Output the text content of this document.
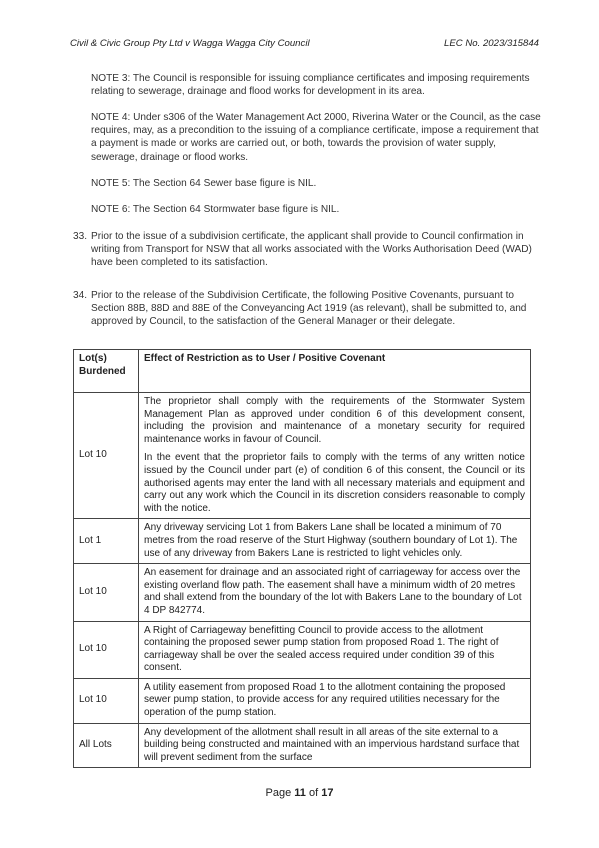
Civil & Civic Group Pty Ltd v Wagga Wagga City Council	LEC No. 2023/315844
NOTE 3: The Council is responsible for issuing compliance certificates and imposing requirements relating to sewerage, drainage and flood works for development in its area.
NOTE 4: Under s306 of the Water Management Act 2000, Riverina Water or the Council, as the case requires, may, as a precondition to the issuing of a compliance certificate, impose a requirement that a payment is made or works are carried out, or both, towards the provision of water supply, sewerage, drainage or flood works.
NOTE 5: The Section 64 Sewer base figure is NIL.
NOTE 6: The Section 64 Stormwater base figure is NIL.
33. Prior to the issue of a subdivision certificate, the applicant shall provide to Council confirmation in writing from Transport for NSW that all works associated with the Works Authorisation Deed (WAD) have been completed to its satisfaction.
34. Prior to the release of the Subdivision Certificate, the following Positive Covenants, pursuant to Section 88B, 88D and 88E of the Conveyancing Act 1919 (as relevant), shall be submitted to, and approved by Council, to the satisfaction of the General Manager or their delegate.
Lot(s) Burdened	Effect of Restriction as to User / Positive Covenant
Lot 10	The proprietor shall comply with the requirements of the Stormwater System Management Plan as approved under condition 6 of this development consent, including the provision and maintenance of a monetary security for required maintenance works in favour of Council.
In the event that the proprietor fails to comply with the terms of any written notice issued by the Council under part (e) of condition 6 of this consent, the Council or its authorised agents may enter the land with all necessary materials and equipment and carry out any work which the Council in its discretion considers reasonable to comply with the notice.

Lot 1	Any driveway servicing Lot 1 from Bakers Lane shall be located a minimum of 70 metres from the road reserve of the Sturt Highway (southern boundary of Lot 1). The use of any driveway from Bakers Lane is restricted to light vehicles only.
Lot 10	An easement for drainage and an associated right of carriageway for access over the existing overland flow path. The easement shall have a minimum width of 20 metres and shall extend from the boundary of the lot with Bakers Lane to the boundary of Lot 4 DP 842774.
Lot 10	A Right of Carriageway benefitting Council to provide access to the allotment containing the proposed sewer pump station from proposed Road 1. The right of carriageway shall be over the sealed access required under condition 39 of this consent.
Lot 10	A utility easement from proposed Road 1 to the allotment containing the proposed sewer pump station, to provide access for any required utilities necessary for the operation of the pump station.
All Lots	Any development of the allotment shall result in all areas of the site external to a building being constructed and maintained with an impervious hardstand surface that will prevent sediment from the surface
Page 11 of 17
